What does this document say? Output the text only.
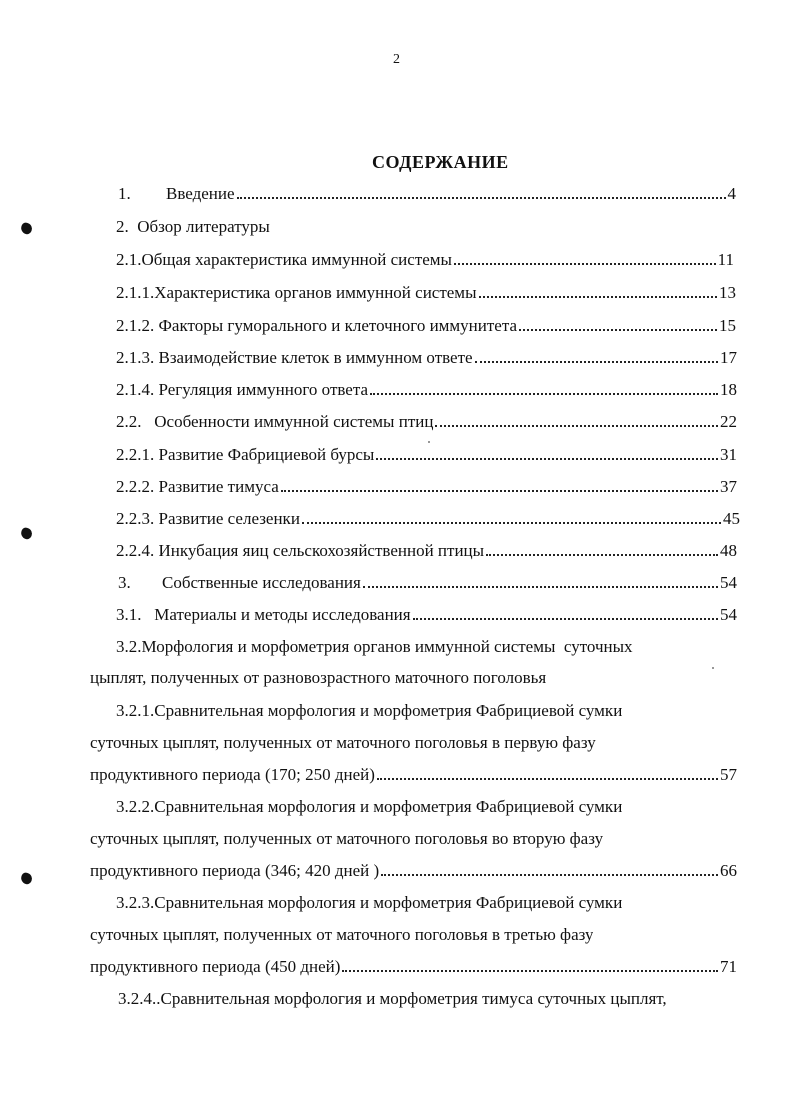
2
СОДЕРЖАНИЕ
1.	Введение	4
2. Обзор литературы
2.1.Общая характеристика иммунной системы	11
2.1.1.Характеристика органов иммунной системы	13
2.1.2. Факторы гуморального и клеточного иммунитета	15
2.1.3. Взаимодействие клеток в иммунном ответе	17
2.1.4. Регуляция иммунного ответа	18
2.2.   Особенности иммунной системы птиц	22
2.2.1. Развитие Фабрициевой бурсы	31
2.2.2. Развитие тимуса	37
2.2.3. Развитие селезенки	45
2.2.4. Инкубация яиц сельскохозяйственной птицы	48
3.	Собственные исследования	54
3.1.   Материалы и методы исследования	54
3.2.Морфология и морфометрия органов иммунной системы  суточных
цыплят, полученных от разновозрастного маточного поголовья
3.2.1.Сравнительная морфология и морфометрия Фабрициевой сумки
суточных цыплят, полученных от маточного поголовья в первую фазу
продуктивного периода (170; 250 дней)	57
3.2.2.Сравнительная морфология и морфометрия Фабрициевой сумки
суточных цыплят, полученных от маточного поголовья во вторую фазу
продуктивного периода (346; 420 дней )	66
3.2.3.Сравнительная морфология и морфометрия Фабрициевой сумки
суточных цыплят, полученных от маточного поголовья в третью фазу
продуктивного периода (450 дней)	71
3.2.4..Сравнительная морфология и морфометрия тимуса суточных цыплят,
